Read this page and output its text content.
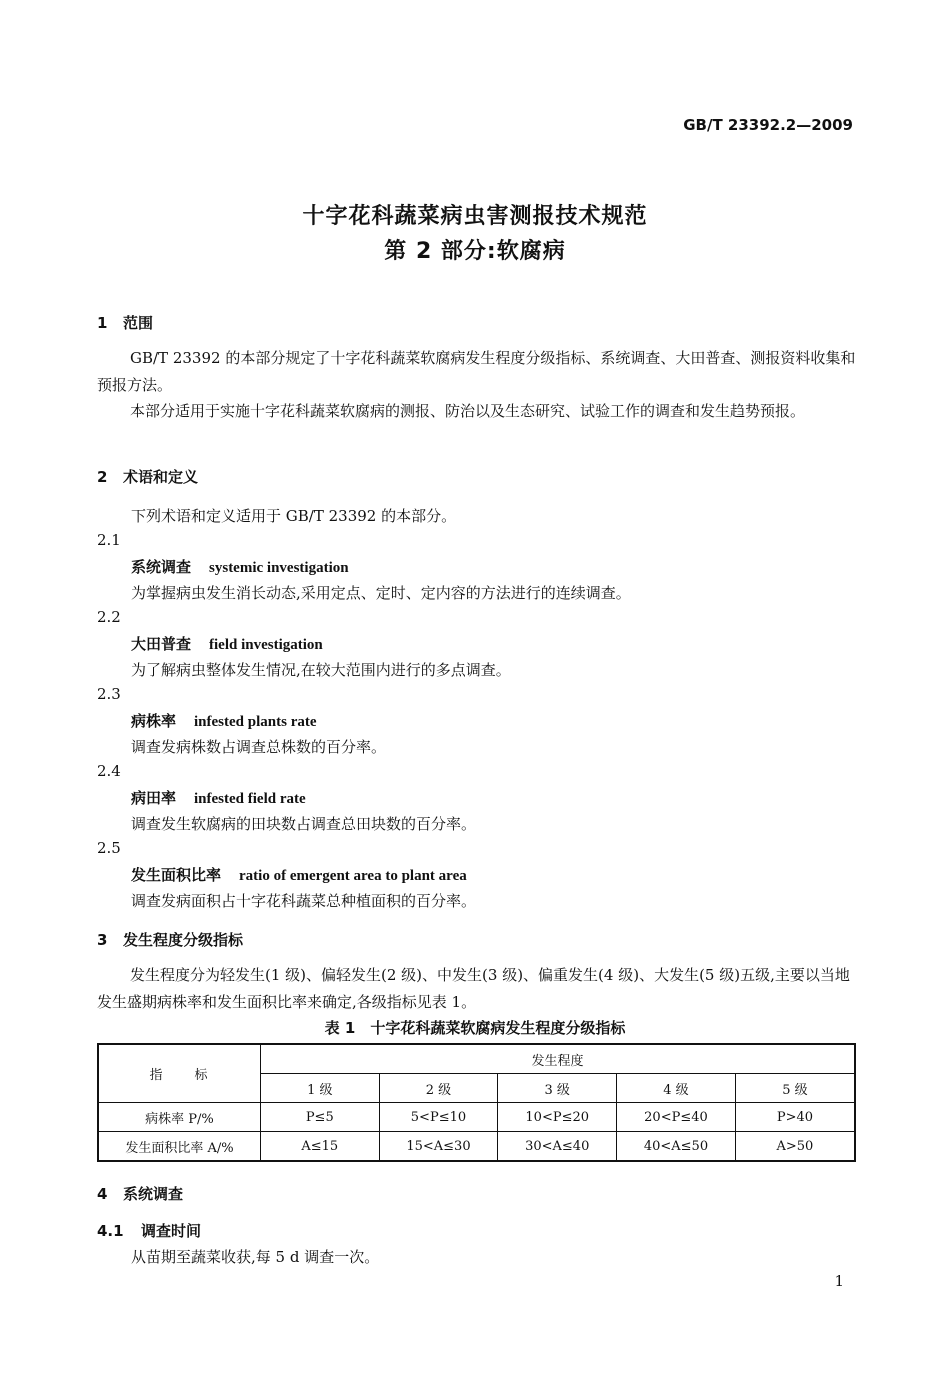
GB/T 23392.2—2009
十字花科蔬菜病虫害测报技术规范
第 2 部分:软腐病
1 范围
GB/T 23392 的本部分规定了十字花科蔬菜软腐病发生程度分级指标、系统调查、大田普查、测报资料收集和预报方法。
本部分适用于实施十字花科蔬菜软腐病的测报、防治以及生态研究、试验工作的调查和发生趋势预报。
2 术语和定义
下列术语和定义适用于 GB/T 23392 的本部分。
2.1
系统调查 systemic investigation
为掌握病虫发生消长动态,采用定点、定时、定内容的方法进行的连续调查。
2.2
大田普查 field investigation
为了解病虫整体发生情况,在较大范围内进行的多点调查。
2.3
病株率 infested plants rate
调查发病株数占调查总株数的百分率。
2.4
病田率 infested field rate
调查发生软腐病的田块数占调查总田块数的百分率。
2.5
发生面积比率 ratio of emergent area to plant area
调查发病面积占十字花科蔬菜总种植面积的百分率。
3 发生程度分级指标
发生程度分为轻发生(1 级)、偏轻发生(2 级)、中发生(3 级)、偏重发生(4 级)、大发生(5 级)五级,主要以当地发生盛期病株率和发生面积比率来确定,各级指标见表 1。
表 1　十字花科蔬菜软腐病发生程度分级指标
指　　标	发生程度				
	1 级	2 级	3 级	4 级	5 级
病株率 P/%	P≤5	5<P≤10	10<P≤20	20<P≤40	P>40
发生面积比率 A/%	A≤15	15<A≤30	30<A≤40	40<A≤50	A>50
4 系统调查
4.1 调查时间
从苗期至蔬菜收获,每 5 d 调查一次。
1
